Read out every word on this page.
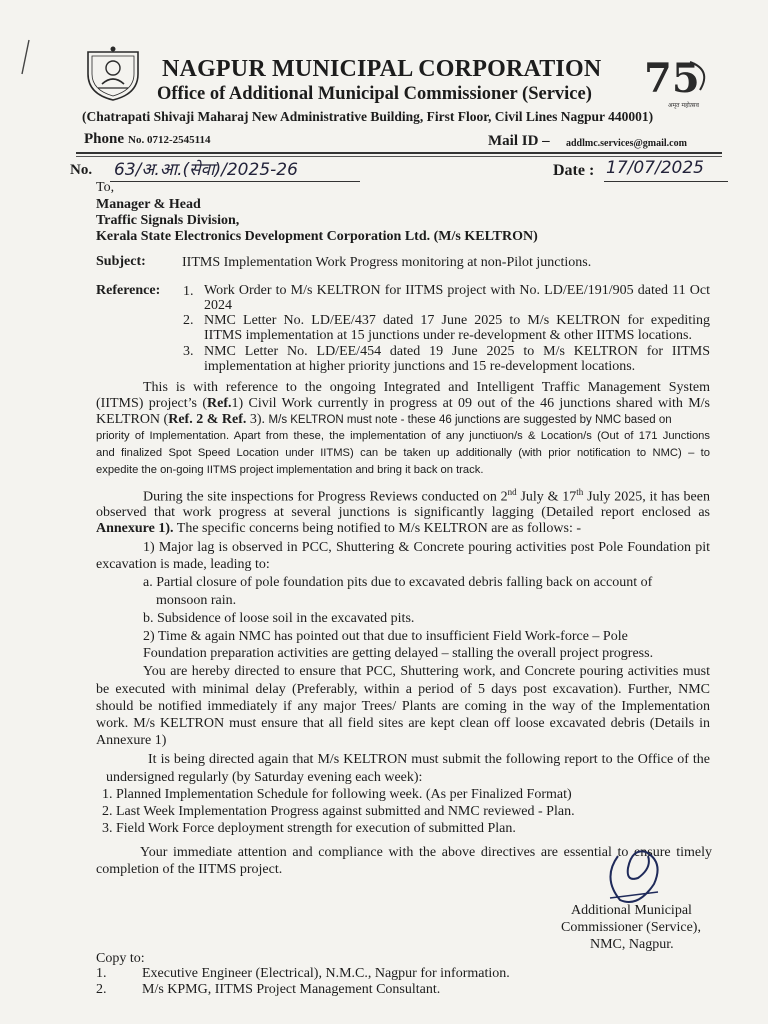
NAGPUR MUNICIPAL CORPORATION
Office of Additional Municipal Commissioner (Service) 75
अमृत महोत्सव
(Chatrapati Shivaji Maharaj New Administrative Building, First Floor, Civil Lines Nagpur 440001)
Phone No. 0712-2545114	Mail ID – addlmc.services@gmail.com
No. 63/अ.आ.(सेवा)/2025-26	Date : 17/07/2025
To,
Manager & Head
Traffic Signals Division,
Kerala State Electronics Development Corporation Ltd. (M/s KELTRON)
Subject:	IITMS Implementation Work Progress monitoring at non-Pilot junctions.
Reference: 1. Work Order to M/s KELTRON for IITMS project with No. LD/EE/191/905 dated 11 Oct
2024
2. NMC Letter No. LD/EE/437 dated 17 June 2025 to M/s KELTRON for expediting
IITMS implementation at 15 junctions under re-development & other IITMS locations.
3. NMC Letter No. LD/EE/454 dated 19 June 2025 to M/s KELTRON for IITMS
implementation at higher priority junctions and 15 re-development locations.
This is with reference to the ongoing Integrated and Intelligent Traffic Management System
(IITMS) project’s (Ref.1) Civil Work currently in progress at 09 out of the 46 junctions shared with M/s
KELTRON (Ref. 2 & Ref. 3). M/s KELTRON must note - these 46 junctions are suggested by NMC based on
priority of Implementation. Apart from these, the implementation of any junctiuon/s & Location/s (Out of 171 Junctions
and finalized Spot Speed Location under IITMS) can be taken up additionally (with prior notification to NMC) – to
expedite the on-going IITMS project implementation and bring it back on track.
During the site inspections for Progress Reviews conducted on 2nd July & 17th July 2025, it has been
observed that work progress at several junctions is significantly lagging (Detailed report enclosed as
Annexure 1). The specific concerns being notified to M/s KELTRON are as follows: -
1) Major lag is observed in PCC, Shuttering & Concrete pouring activities post Pole Foundation pit
excavation is made, leading to:
a. Partial closure of pole foundation pits due to excavated debris falling back on account of
monsoon rain.
b. Subsidence of loose soil in the excavated pits.
2) Time & again NMC has pointed out that due to insufficient Field Work-force – Pole
Foundation preparation activities are getting delayed – stalling the overall project progress.
You are hereby directed to ensure that PCC, Shuttering work, and Concrete pouring activities must
be executed with minimal delay (Preferably, within a period of 5 days post excavation). Further, NMC
should be notified immediately if any major Trees/ Plants are coming in the way of the Implementation
work. M/s KELTRON must ensure that all field sites are kept clean off loose excavated debris (Details in
Annexure 1)
It is being directed again that M/s KELTRON must submit the following report to the Office of the
undersigned regularly (by Saturday evening each week):
1. Planned Implementation Schedule for following week. (As per Finalized Format)
2. Last Week Implementation Progress against submitted and NMC reviewed - Plan.
3. Field Work Force deployment strength for execution of submitted Plan.
Your immediate attention and compliance with the above directives are essential to ensure timely
completion of the IITMS project.
Additional Municipal
Commissioner (Service),
NMC, Nagpur.
Copy to:
1.	Executive Engineer (Electrical), N.M.C., Nagpur for information.
2.	M/s KPMG, IITMS Project Management Consultant.
